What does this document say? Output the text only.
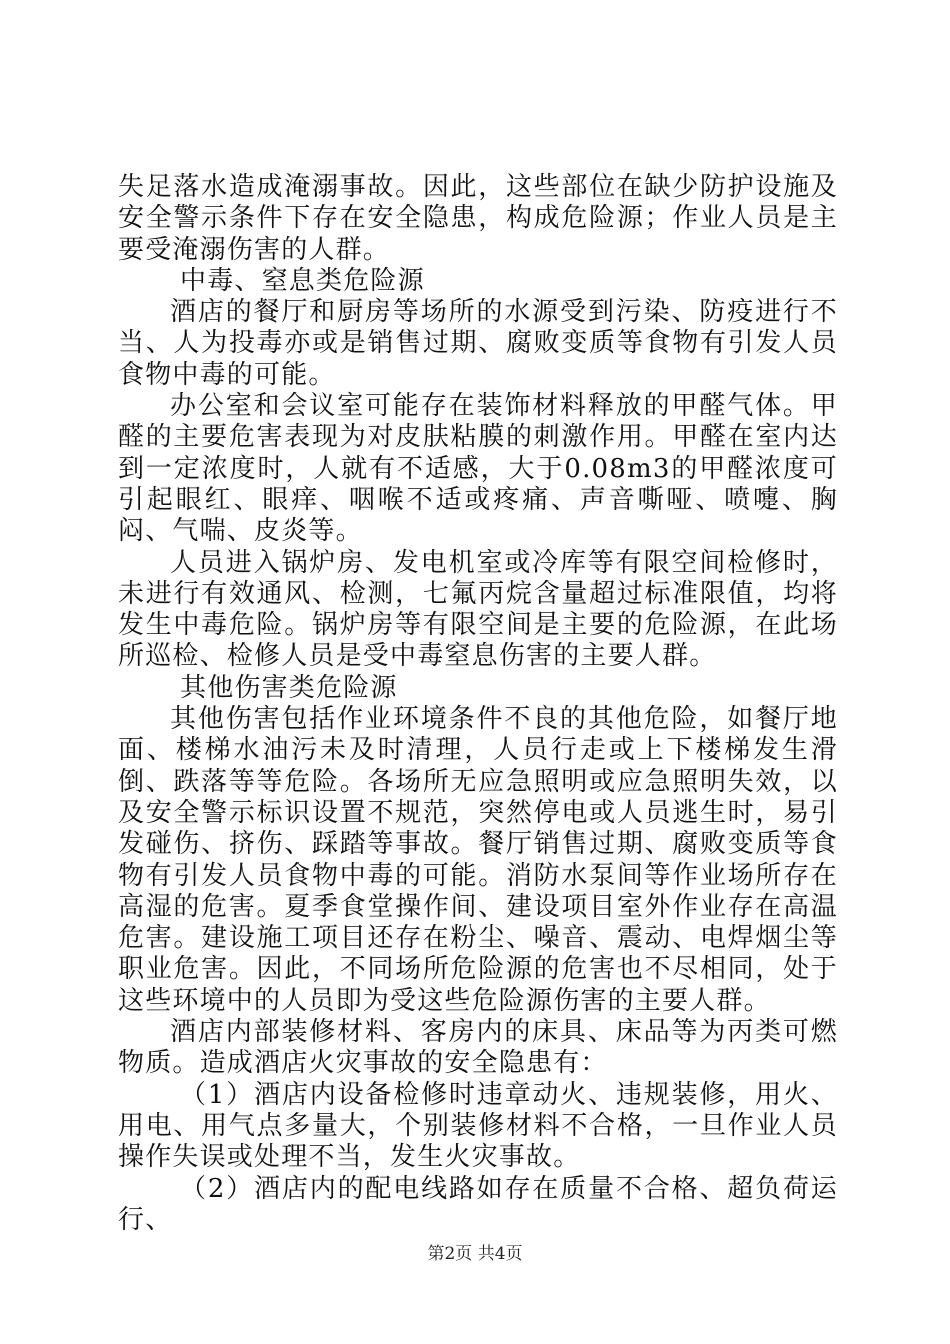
失足落水造成淹溺事故。因此，这些部位在缺少防护设施及安全警示条件下存在安全隐患，构成危险源；作业人员是主要受淹溺伤害的人群。

中毒、窒息类危险源

酒店的餐厅和厨房等场所的水源受到污染、防疫进行不当、人为投毒亦或是销售过期、腐败变质等食物有引发人员食物中毒的可能。

办公室和会议室可能存在装饰材料释放的甲醛气体。甲醛的主要危害表现为对皮肤粘膜的刺激作用。甲醛在室内达到一定浓度时，人就有不适感，大于0.08m3的甲醛浓度可引起眼红、眼痒、咽喉不适或疼痛、声音嘶哑、喷嚏、胸闷、气喘、皮炎等。

人员进入锅炉房、发电机室或冷库等有限空间检修时，未进行有效通风、检测，七氟丙烷含量超过标准限值，均将发生中毒危险。锅炉房等有限空间是主要的危险源，在此场所巡检、检修人员是受中毒窒息伤害的主要人群。

其他伤害类危险源

其他伤害包括作业环境条件不良的其他危险，如餐厅地面、楼梯水油污未及时清理，人员行走或上下楼梯发生滑倒、跌落等等危险。各场所无应急照明或应急照明失效，以及安全警示标识设置不规范，突然停电或人员逃生时，易引发碰伤、挤伤、踩踏等事故。餐厅销售过期、腐败变质等食物有引发人员食物中毒的可能。消防水泵间等作业场所存在高湿的危害。夏季食堂操作间、建设项目室外作业存在高温危害。建设施工项目还存在粉尘、噪音、震动、电焊烟尘等职业危害。因此，不同场所危险源的危害也不尽相同，处于这些环境中的人员即为受这些危险源伤害的主要人群。

酒店内部装修材料、客房内的床具、床品等为丙类可燃物质。造成酒店火灾事故的安全隐患有：

（1）酒店内设备检修时违章动火、违规装修，用火、用电、用气点多量大，个别装修材料不合格，一旦作业人员操作失误或处理不当，发生火灾事故。

（2）酒店内的配电线路如存在质量不合格、超负荷运行、

第2页 共4页
